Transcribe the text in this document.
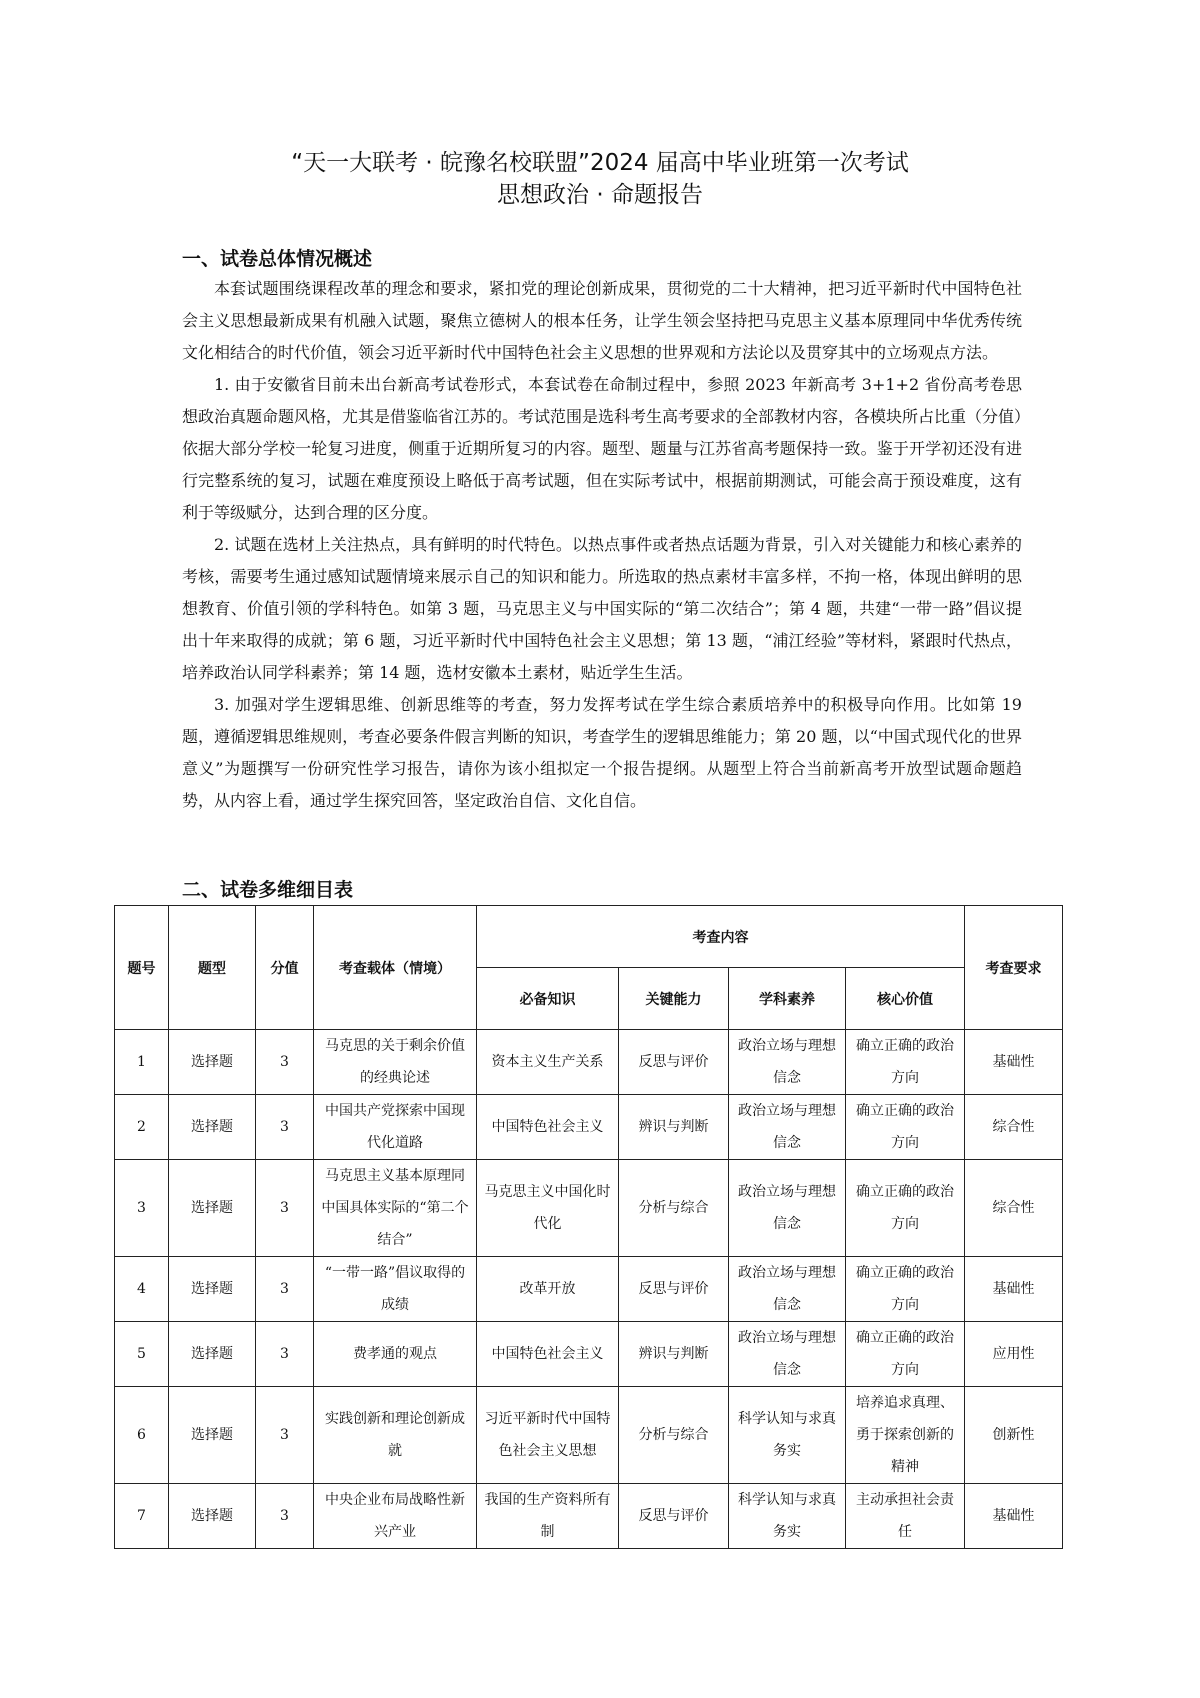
“天一大联考 · 皖豫名校联盟”2024 届高中毕业班第一次考试
思想政治 · 命题报告
一、试卷总体情况概述

本套试题围绕课程改革的理念和要求，紧扣党的理论创新成果，贯彻党的二十大精神，把习近平新时代中国特色社会主义思想最新成果有机融入试题，聚焦立德树人的根本任务，让学生领会坚持把马克思主义基本原理同中华优秀传统文化相结合的时代价值，领会习近平新时代中国特色社会主义思想的世界观和方法论以及贯穿其中的立场观点方法。

1. 由于安徽省目前未出台新高考试卷形式，本套试卷在命制过程中，参照 2023 年新高考 3+1+2 省份高考卷思想政治真题命题风格，尤其是借鉴临省江苏的。考试范围是选科考生高考要求的全部教材内容，各模块所占比重（分值）依据大部分学校一轮复习进度，侧重于近期所复习的内容。题型、题量与江苏省高考题保持一致。鉴于开学初还没有进行完整系统的复习，试题在难度预设上略低于高考试题，但在实际考试中，根据前期测试，可能会高于预设难度，这有利于等级赋分，达到合理的区分度。

2. 试题在选材上关注热点，具有鲜明的时代特色。以热点事件或者热点话题为背景，引入对关键能力和核心素养的考核，需要考生通过感知试题情境来展示自己的知识和能力。所选取的热点素材丰富多样，不拘一格，体现出鲜明的思想教育、价值引领的学科特色。如第 3 题，马克思主义与中国实际的“第二次结合”；第 4 题，共建“一带一路”倡议提出十年来取得的成就；第 6 题，习近平新时代中国特色社会主义思想；第 13 题，“浦江经验”等材料，紧跟时代热点，培养政治认同学科素养；第 14 题，选材安徽本土素材，贴近学生生活。

3. 加强对学生逻辑思维、创新思维等的考查，努力发挥考试在学生综合素质培养中的积极导向作用。比如第 19 题，遵循逻辑思维规则，考查必要条件假言判断的知识，考查学生的逻辑思维能力；第 20 题，以“中国式现代化的世界意义”为题撰写一份研究性学习报告，请你为该小组拟定一个报告提纲。从题型上符合当前新高考开放型试题命题趋势，从内容上看，通过学生探究回答，坚定政治自信、文化自信。

二、试卷多维细目表
题号	题型	分值	考查载体（情境）	考查内容				考查要求
				必备知识	关键能力	学科素养	核心价值	
1	选择题	3	马克思的关于剩余价值的经典论述	资本主义生产关系	反思与评价	政治立场与理想信念	确立正确的政治方向	基础性
2	选择题	3	中国共产党探索中国现代化道路	中国特色社会主义	辨识与判断	政治立场与理想信念	确立正确的政治方向	综合性
3	选择题	3	马克思主义基本原理同中国具体实际的“第二个结合”	马克思主义中国化时代化	分析与综合	政治立场与理想信念	确立正确的政治方向	综合性
4	选择题	3	“一带一路”倡议取得的成绩	改革开放	反思与评价	政治立场与理想信念	确立正确的政治方向	基础性
5	选择题	3	费孝通的观点	中国特色社会主义	辨识与判断	政治立场与理想信念	确立正确的政治方向	应用性
6	选择题	3	实践创新和理论创新成就	习近平新时代中国特色社会主义思想	分析与综合	科学认知与求真务实	培养追求真理、勇于探索创新的精神	创新性
7	选择题	3	中央企业布局战略性新兴产业	我国的生产资料所有制	反思与评价	科学认知与求真务实	主动承担社会责任	基础性
